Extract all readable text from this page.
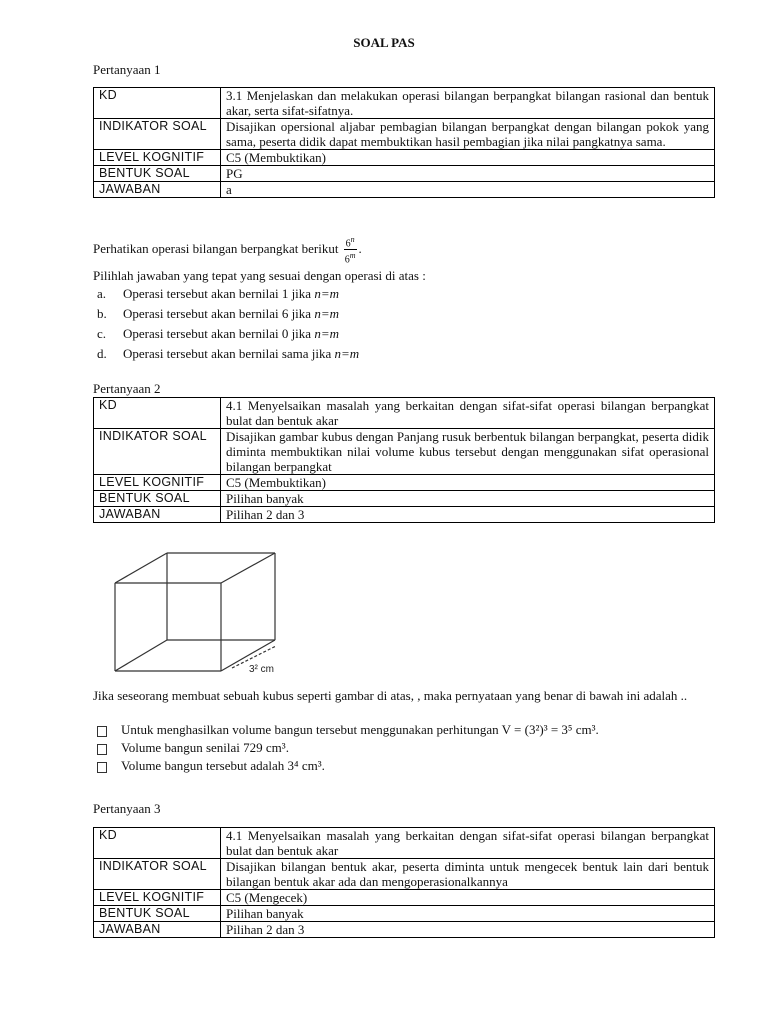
SOAL PAS
Pertanyaan 1
KD	3.1 Menjelaskan dan melakukan operasi bilangan berpangkat bilangan rasional dan bentuk akar, serta sifat-sifatnya.
INDIKATOR SOAL	Disajikan opersional aljabar pembagian bilangan berpangkat dengan bilangan pokok yang sama, peserta didik dapat membuktikan hasil pembagian jika nilai pangkatnya sama.
LEVEL KOGNITIF	C5 (Membuktikan)
BENTUK SOAL	PG
JAWABAN	a
Perhatikan operasi bilangan berpangkat berikut $\frac{6^n}{6^m}$ .
Pilihlah jawaban yang tepat yang sesuai dengan operasi di atas :
a. Operasi tersebut akan bernilai 1 jika n=m
b. Operasi tersebut akan bernilai 6 jika n=m
c. Operasi tersebut akan bernilai 0 jika n=m
d. Operasi tersebut akan bernilai sama jika n=m
Pertanyaan 2
KD	4.1 Menyelsaikan masalah yang berkaitan dengan sifat-sifat operasi bilangan berpangkat bulat dan bentuk akar
INDIKATOR SOAL	Disajikan gambar kubus dengan Panjang rusuk berbentuk bilangan berpangkat, peserta didik diminta membuktikan nilai volume kubus tersebut dengan menggunakan sifat operasional bilangan berpangkat
LEVEL KOGNITIF	C5 (Membuktikan)
BENTUK SOAL	Pilihan banyak
JAWABAN	Pilihan 2 dan 3
3² cm
Jika seseorang membuat sebuah kubus seperti gambar di atas, , maka pernyataan yang benar di bawah ini adalah ..
Untuk menghasilkan volume bangun tersebut menggunakan perhitungan V = (3²)³ = 3⁵ cm³.
Volume bangun senilai 729 cm³.
Volume bangun tersebut adalah 3⁴ cm³.
Pertanyaan 3
KD	4.1 Menyelsaikan masalah yang berkaitan dengan sifat-sifat operasi bilangan berpangkat bulat dan bentuk akar
INDIKATOR SOAL	Disajikan bilangan bentuk akar, peserta diminta untuk mengecek bentuk lain dari bentuk bilangan bentuk akar ada dan mengoperasionalkannya
LEVEL KOGNITIF	C5 (Mengecek)
BENTUK SOAL	Pilihan banyak
JAWABAN	Pilihan 2 dan 3
